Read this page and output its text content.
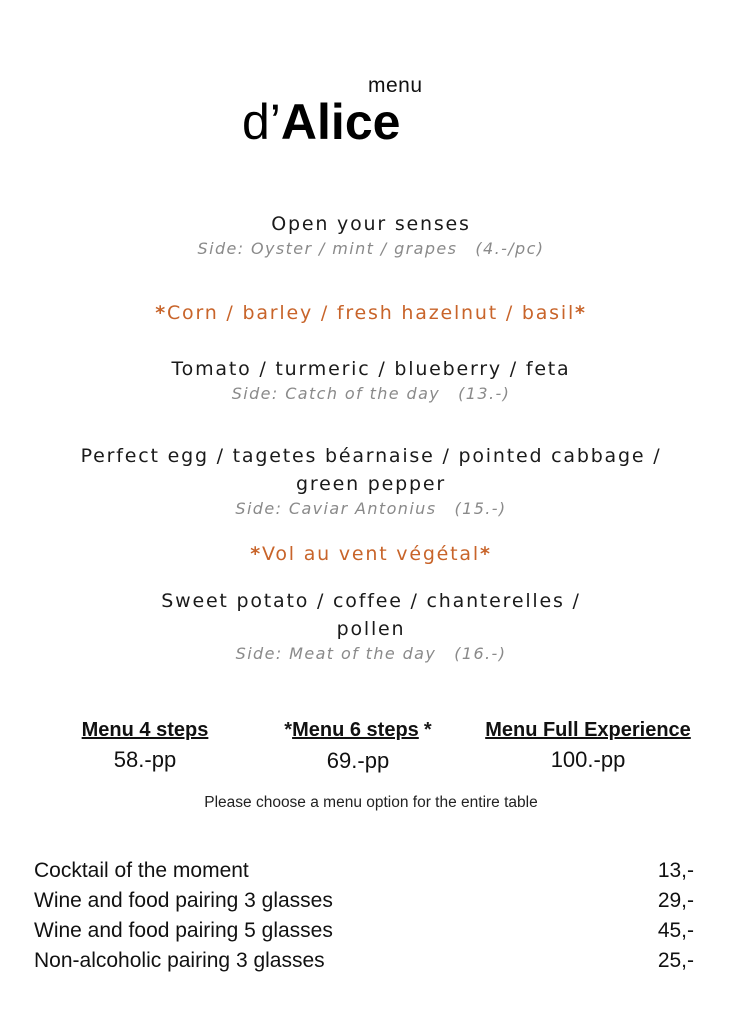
menu
d’Alice

Open your senses

Side: Oyster / mint / grapes (4.-/pc)

*Corn / barley / fresh hazelnut / basil*

Tomato / turmeric / blueberry / feta

Side: Catch of the day (13.-)

Perfect egg / tagetes béarnaise / pointed cabbage /

green pepper

Side: Caviar Antonius (15.-)

*Vol au vent végétal*

Sweet potato / coffee / chanterelles /

pollen

Side: Meat of the day (16.-)

Menu 4 steps
58.-pp
*Menu 6 steps *
69.-pp
Menu Full Experience
100.-pp
Please choose a menu option for the entire table
Cocktail of the moment	13,-
Wine and food pairing 3 glasses	29,-
Wine and food pairing 5 glasses	45,-
Non-alcoholic pairing 3 glasses	25,-
